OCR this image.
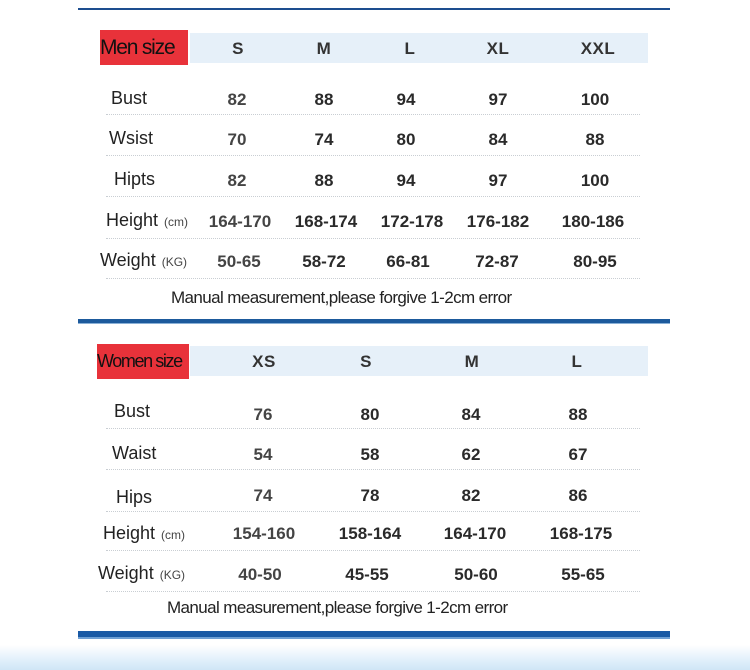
Men size	S	M	L	XL	XXL
Bust	82	88	94	97	100
Wsist	70	74	80	84	88
Hipts	82	88	94	97	100
Height (cm) 164-170 168-174 172-178 176-182 180-186
Weight (KG) 50-65 58-72 66-81	72-87	80-95
Manual measurement,please forgive 1-2cm error
Women size	XS	S	M	L
Bust	76	80	84	88
Waist	54	58	62	67
Hips	74	78	82	86
Height (cm)	154-160	158-164	164-170	168-175
Weight (KG)	40-50	45-55	50-60	55-65
Manual measurement,please forgive 1-2cm error
